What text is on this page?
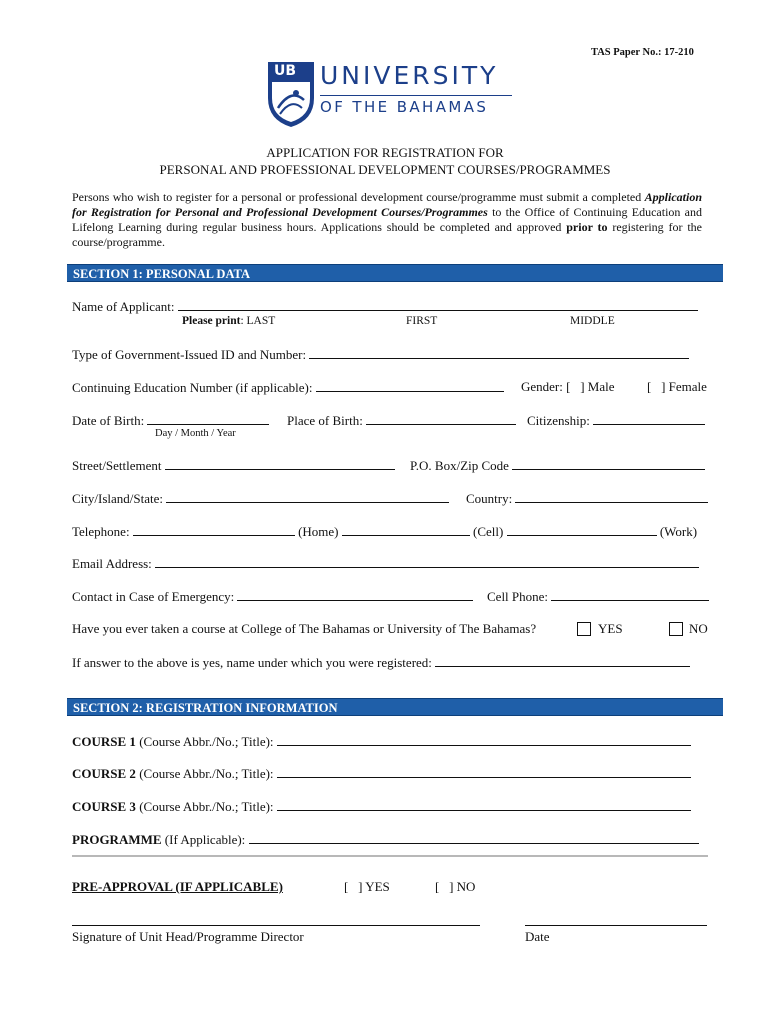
TAS Paper No.: 17-210
UB UNIVERSITY
OF THE BAHAMAS
APPLICATION FOR REGISTRATION FOR
PERSONAL AND PROFESSIONAL DEVELOPMENT COURSES/PROGRAMMES
Persons who wish to register for a personal or professional development course/programme must submit a completed Application for Registration for Personal and Professional Development Courses/Programmes to the Office of Continuing Education and Lifelong Learning during regular business hours. Applications should be completed and approved prior to registering for the course/programme.
SECTION 1: PERSONAL DATA
Name of Applicant:
Please print: LAST	FIRST	MIDDLE
Type of Government-Issued ID and Number:
Continuing Education Number (if applicable):	Gender: [ ] Male	[ ] Female
Date of Birth:
Day / Month / Year
Place of Birth:	Citizenship:
Street/Settlement	P.O. Box/Zip Code
City/Island/State:	Country:
Telephone:	(Home)	(Cell)	(Work)
Email Address:
Contact in Case of Emergency:	Cell Phone:
Have you ever taken a course at College of The Bahamas or University of The Bahamas?	YES	NO
If answer to the above is yes, name under which you were registered:
SECTION 2: REGISTRATION INFORMATION
COURSE 1 (Course Abbr./No.; Title):
COURSE 2 (Course Abbr./No.; Title):
COURSE 3 (Course Abbr./No.; Title):
PROGRAMME (If Applicable):
PRE-APPROVAL (IF APPLICABLE)	[ ] YES	[ ] NO
Signature of Unit Head/Programme Director	Date
